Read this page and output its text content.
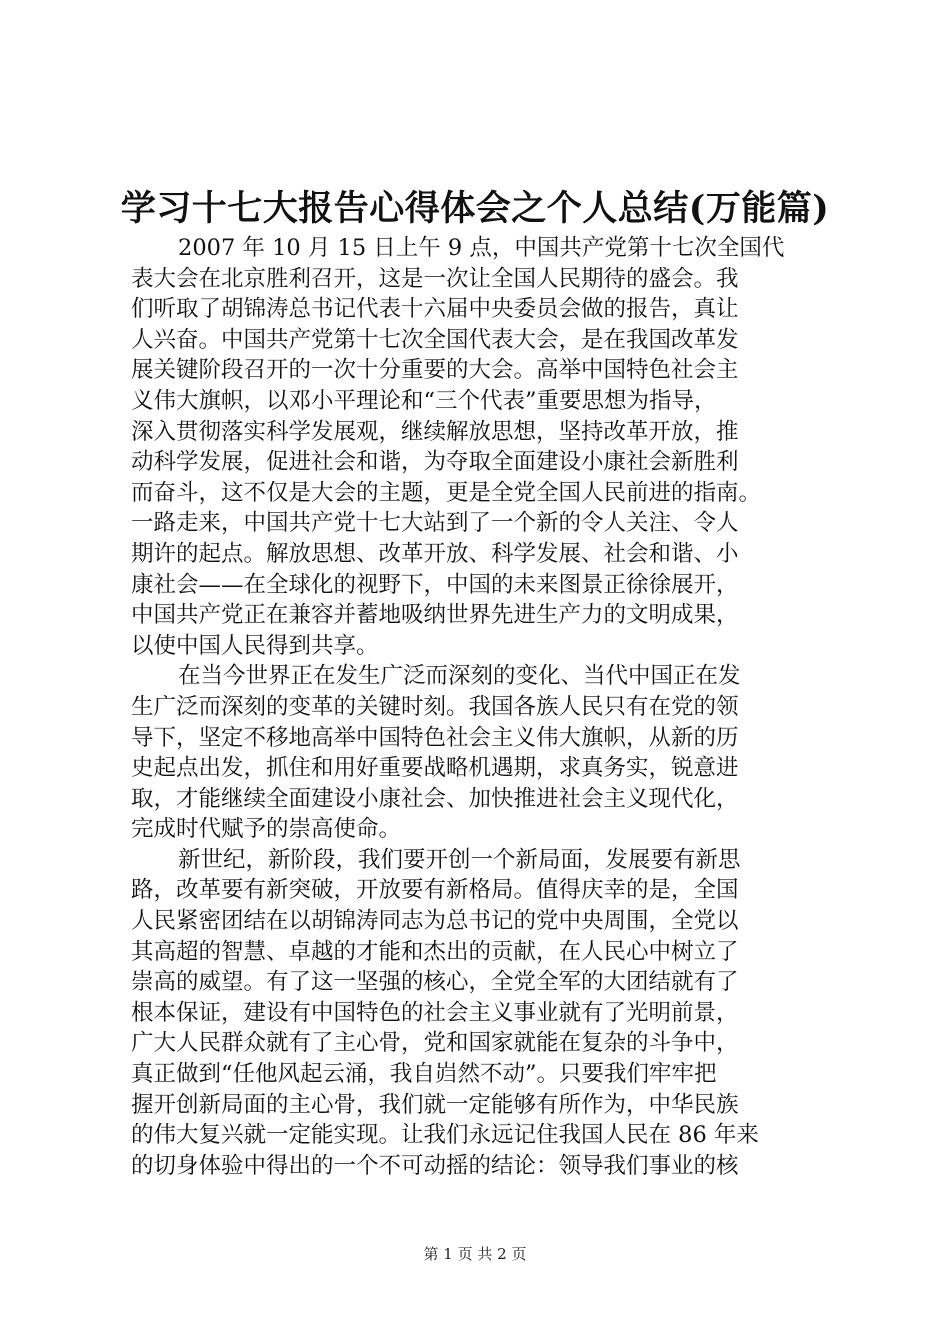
学习十七大报告心得体会之个人总结(万能篇)
2007 年 10 月 15 日上午 9 点，中国共产党第十七次全国代
表大会在北京胜利召开，这是一次让全国人民期待的盛会。我
们听取了胡锦涛总书记代表十六届中央委员会做的报告，真让
人兴奋。中国共产党第十七次全国代表大会，是在我国改革发
展关键阶段召开的一次十分重要的大会。高举中国特色社会主
义伟大旗帜，以邓小平理论和“三个代表”重要思想为指导，
深入贯彻落实科学发展观，继续解放思想，坚持改革开放，推
动科学发展，促进社会和谐，为夺取全面建设小康社会新胜利
而奋斗，这不仅是大会的主题，更是全党全国人民前进的指南。
一路走来，中国共产党十七大站到了一个新的令人关注、令人
期许的起点。解放思想、改革开放、科学发展、社会和谐、小
康社会——在全球化的视野下，中国的未来图景正徐徐展开，
中国共产党正在兼容并蓄地吸纳世界先进生产力的文明成果，
以使中国人民得到共享。
在当今世界正在发生广泛而深刻的变化、当代中国正在发
生广泛而深刻的变革的关键时刻。我国各族人民只有在党的领
导下，坚定不移地高举中国特色社会主义伟大旗帜，从新的历
史起点出发，抓住和用好重要战略机遇期，求真务实，锐意进
取，才能继续全面建设小康社会、加快推进社会主义现代化，
完成时代赋予的崇高使命。
新世纪，新阶段，我们要开创一个新局面，发展要有新思
路，改革要有新突破，开放要有新格局。值得庆幸的是，全国
人民紧密团结在以胡锦涛同志为总书记的党中央周围，全党以
其高超的智慧、卓越的才能和杰出的贡献，在人民心中树立了
崇高的威望。有了这一坚强的核心，全党全军的大团结就有了
根本保证，建设有中国特色的社会主义事业就有了光明前景，
广大人民群众就有了主心骨，党和国家就能在复杂的斗争中，
真正做到“任他风起云涌，我自岿然不动”。只要我们牢牢把
握开创新局面的主心骨，我们就一定能够有所作为，中华民族
的伟大复兴就一定能实现。让我们永远记住我国人民在 86 年来
的切身体验中得出的一个不可动摇的结论：领导我们事业的核
第 1 页 共 2 页
